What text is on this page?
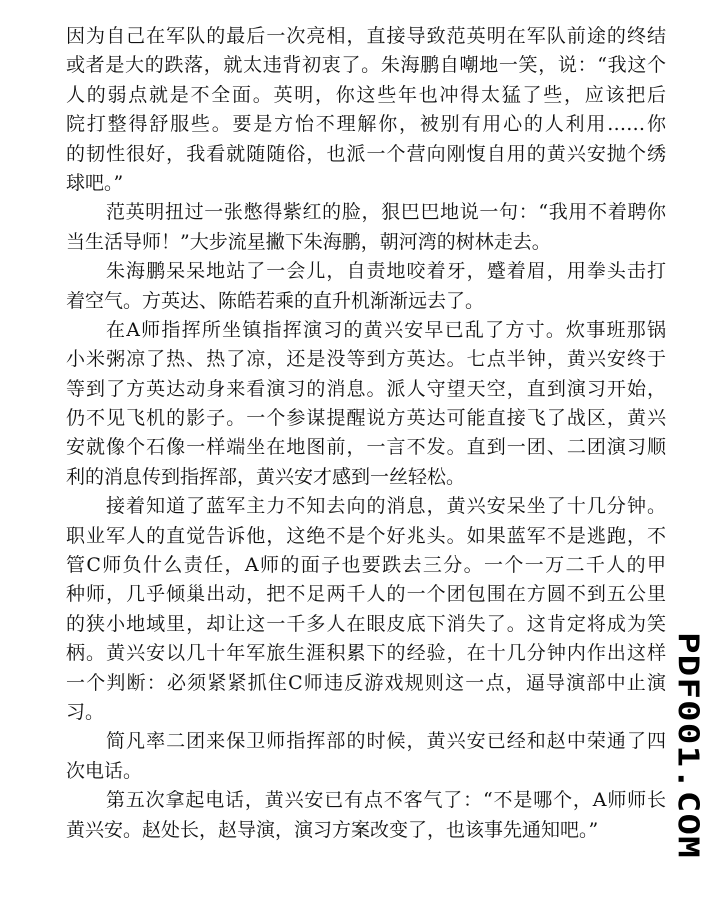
因为自己在军队的最后一次亮相，直接导致范英明在军队前途的终结
或者是大的跌落，就太违背初衷了。朱海鹏自嘲地一笑，说：“我这个
人的弱点就是不全面。英明，你这些年也冲得太猛了些，应该把后
院打整得舒服些。要是方怡不理解你，被别有用心的人利用……你
的韧性很好，我看就随随俗，也派一个营向刚愎自用的黄兴安抛个绣
球吧。”
范英明扭过一张憋得紫红的脸，狠巴巴地说一句：“我用不着聘你
当生活导师！”大步流星撇下朱海鹏，朝河湾的树林走去。
朱海鹏呆呆地站了一会儿，自责地咬着牙，蹙着眉，用拳头击打
着空气。方英达、陈皓若乘的直升机渐渐远去了。
在A师指挥所坐镇指挥演习的黄兴安早已乱了方寸。炊事班那锅
小米粥凉了热、热了凉，还是没等到方英达。七点半钟，黄兴安终于
等到了方英达动身来看演习的消息。派人守望天空，直到演习开始，
仍不见飞机的影子。一个参谋提醒说方英达可能直接飞了战区，黄兴
安就像个石像一样端坐在地图前，一言不发。直到一团、二团演习顺
利的消息传到指挥部，黄兴安才感到一丝轻松。
接着知道了蓝军主力不知去向的消息，黄兴安呆坐了十几分钟。
职业军人的直觉告诉他，这绝不是个好兆头。如果蓝军不是逃跑，不
管C师负什么责任，A师的面子也要跌去三分。一个一万二千人的甲
种师，几乎倾巢出动，把不足两千人的一个团包围在方圆不到五公里
的狭小地域里，却让这一千多人在眼皮底下消失了。这肯定将成为笑
柄。黄兴安以几十年军旅生涯积累下的经验，在十几分钟内作出这样
一个判断：必须紧紧抓住C师违反游戏规则这一点，逼导演部中止演
习。
简凡率二团来保卫师指挥部的时候，黄兴安已经和赵中荣通了四
次电话。
第五次拿起电话，黄兴安已有点不客气了：“不是哪个，A师师长
黄兴安。赵处长，赵导演，演习方案改变了，也该事先通知吧。”	PDF001.COM
